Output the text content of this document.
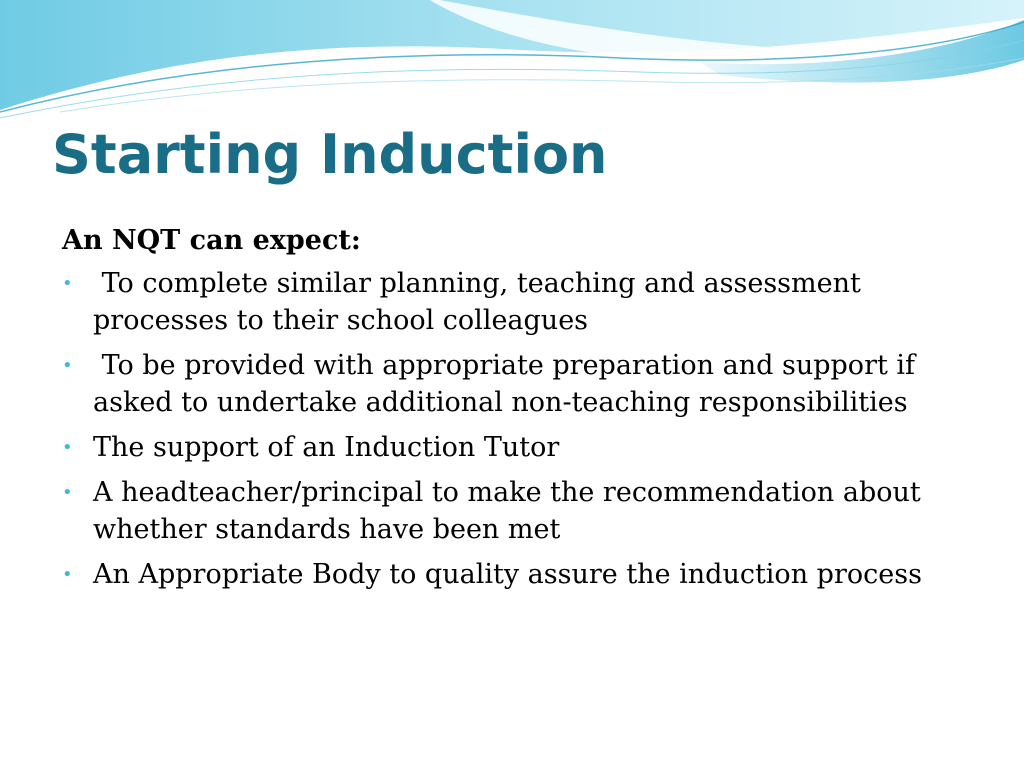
Starting Induction

An NQT can expect:

• To complete similar planning, teaching and assessment processes to their school colleagues
• To be provided with appropriate preparation and support if asked to undertake additional non-teaching responsibilities
• The support of an Induction Tutor
• A headteacher/principal to make the recommendation about whether standards have been met
• An Appropriate Body to quality assure the induction process
